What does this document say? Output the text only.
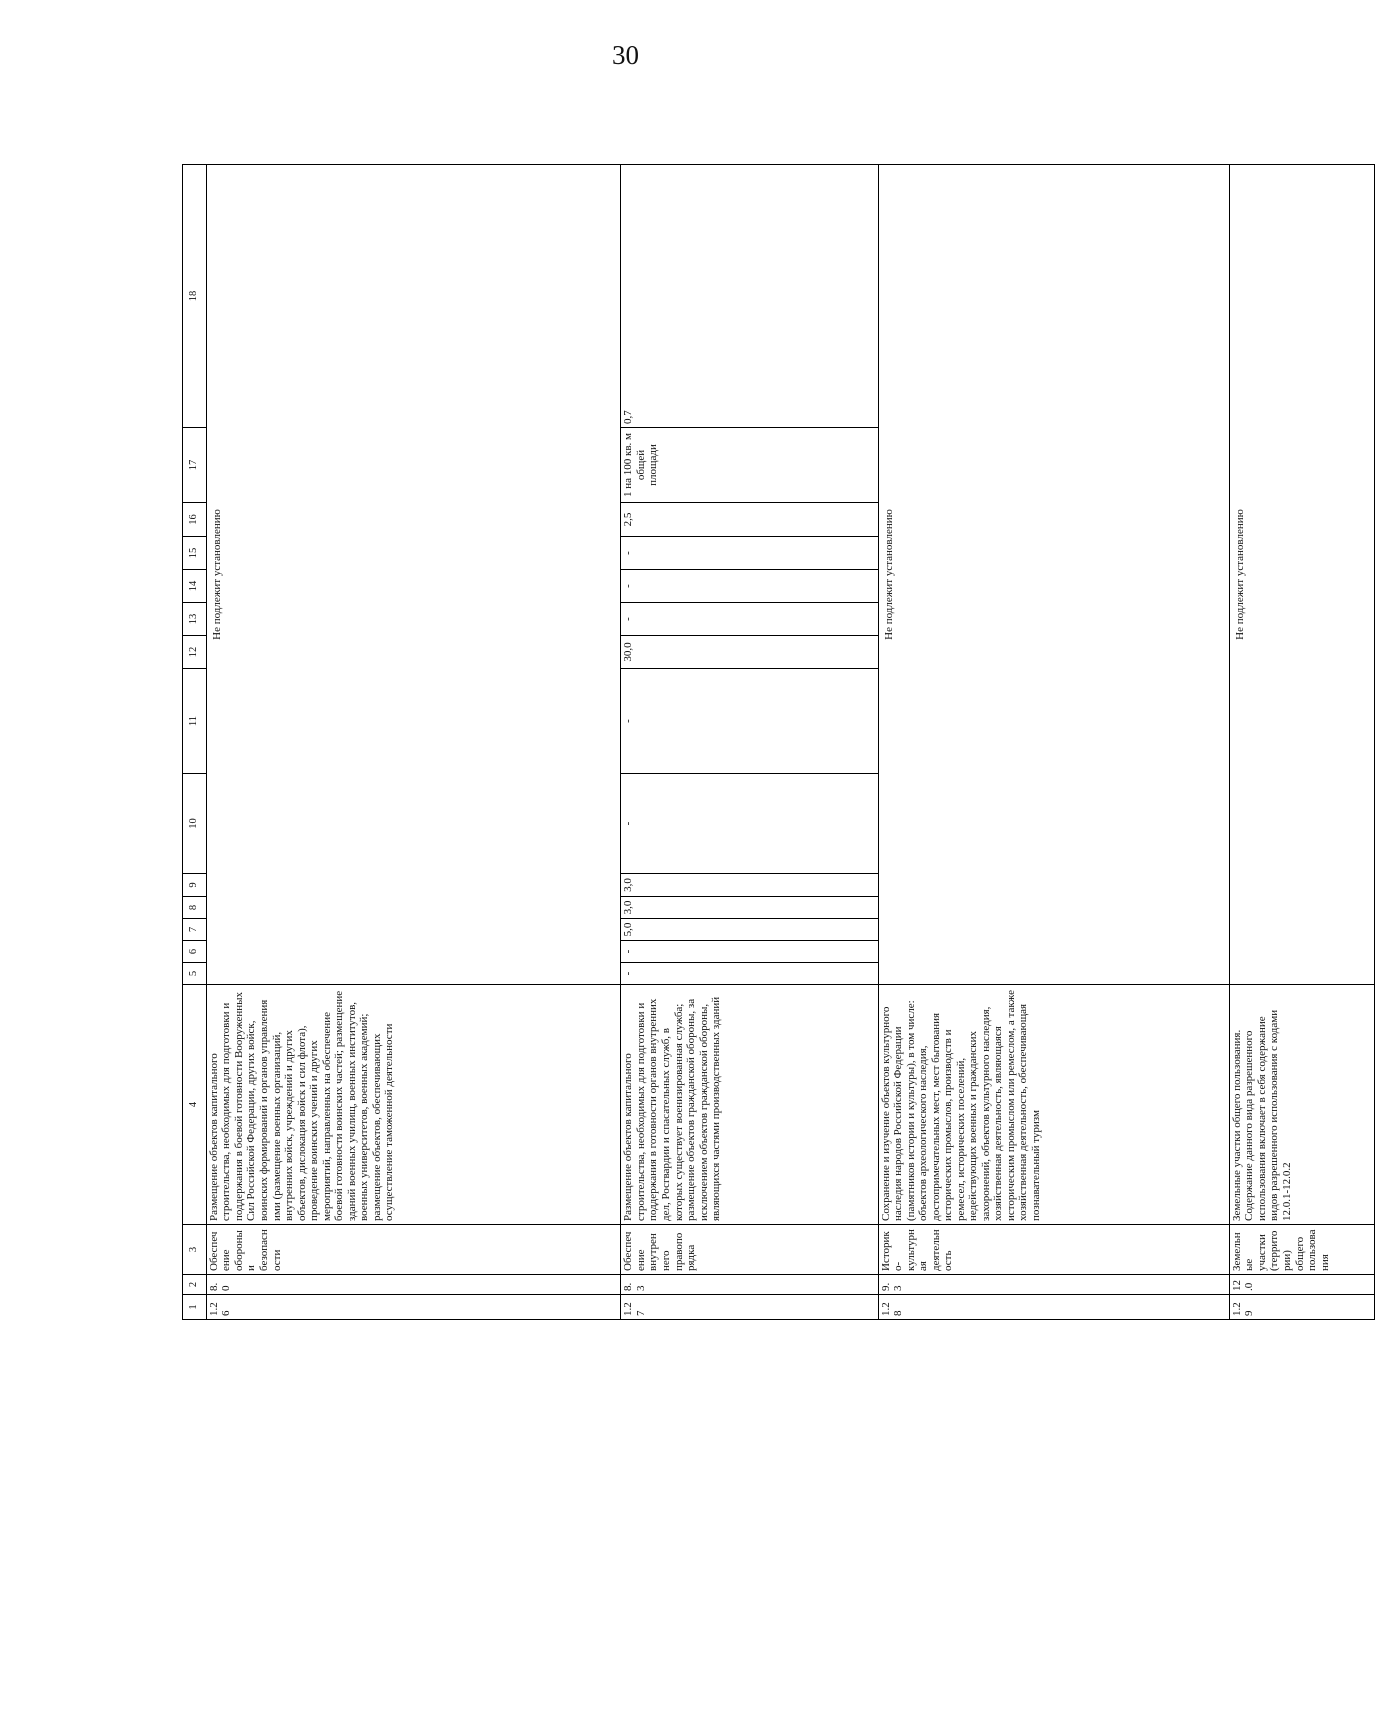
30
1	2	3	4	5	6	7	8	9	10	11	12	13	14	15	16	17	18
1.26	8.0	Обеспечение обороны и безопасности	Размещение объектов капитального строительства, необходимых для подготовки и поддержания в боевой готовности Вооруженных Сил Российской Федерации, других войск, воинских формирований и органов управления ими (размещение военных организаций, внутренних войск, учреждений и других объектов, дислокация войск и сил флота), проведение воинских учений и других мероприятий, направленных на обеспечение боевой готовности воинских частей; размещение зданий военных училищ, военных институтов, военных университетов, военных академий; размещение объектов, обеспечивающих осуществление таможенной деятельности	Не подлежит установлению													
1.27	8.3	Обеспечение внутреннего правопорядка	Размещение объектов капитального строительства, необходимых для подготовки и поддержания в готовности органов внутренних дел, Росгвардии и спасательных служб, в которых существует военизированная служба; размещение объектов гражданской обороны, за исключением объектов гражданской обороны, являющихся частями производственных зданий	-	-	5,0	3,0	3,0	-	-	30,0	-	-	-	2,5	1 на 100 кв. м общей площади	0,7
1.28	9.3	Историко-культурная деятельность	Сохранение и изучение объектов культурного наследия народов Российской Федерации (памятников истории и культуры), в том числе: объектов археологического наследия, достопримечательных мест, мест бытования исторических промыслов, производств и ремесел, исторических поселений, недействующих военных и гражданских захоронений, объектов культурного наследия, хозяйственная деятельность, являющаяся историческим промыслом или ремеслом, а также хозяйственная деятельность, обеспечивающая познавательный туризм	Не подлежит установлению													
1.29	12.0	Земельные участки (территории) общего пользования	Земельные участки общего пользования. Содержание данного вида разрешенного использования включает в себя содержание видов разрешенного использования с кодами 12.0.1-12.0.2	Не подлежит установлению													
